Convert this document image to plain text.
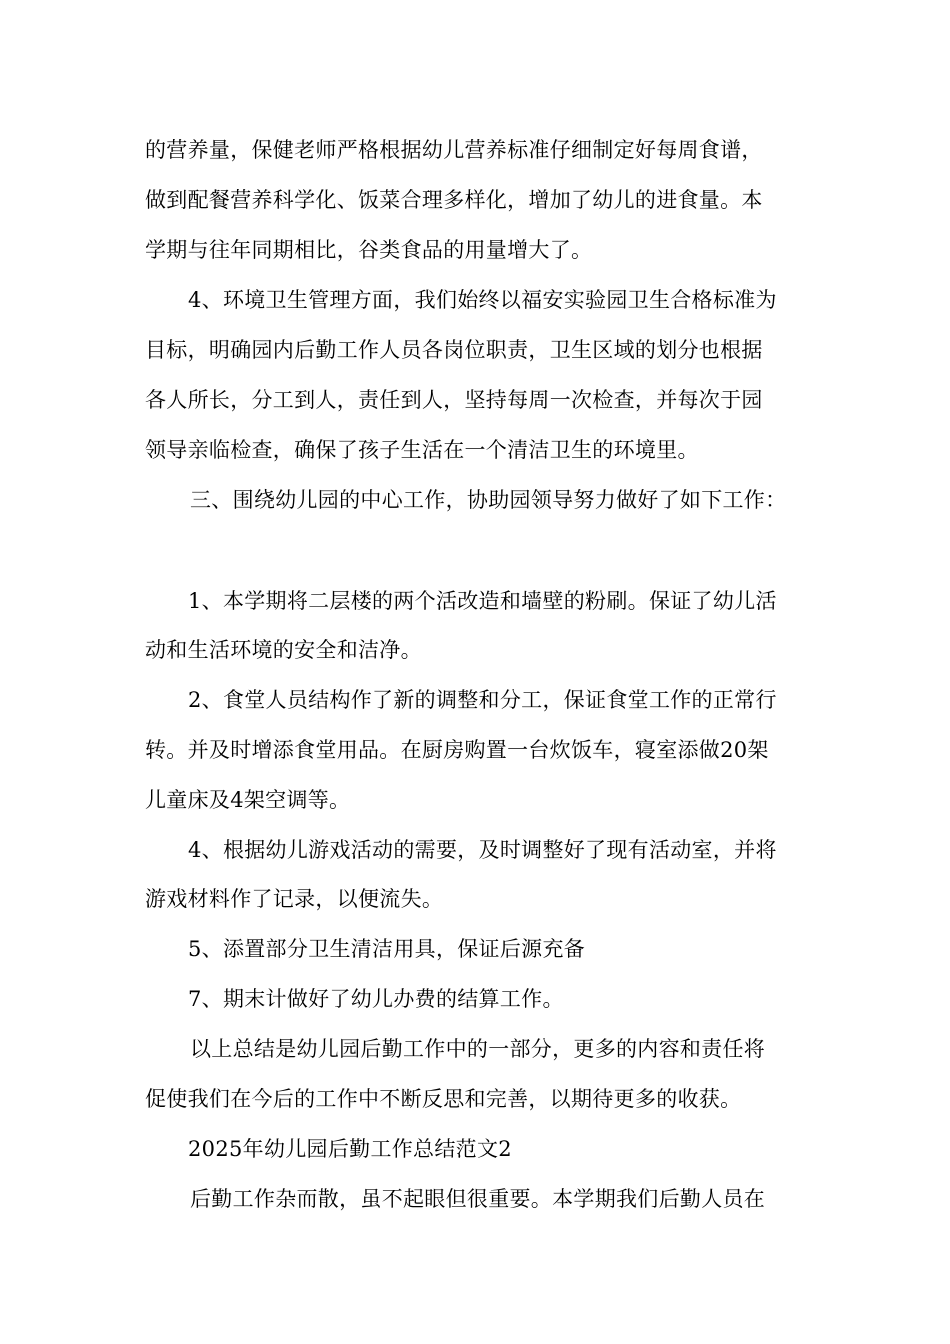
的营养量，保健老师严格根据幼儿营养标准仔细制定好每周食谱，
做到配餐营养科学化、饭菜合理多样化，增加了幼儿的进食量。本
学期与往年同期相比，谷类食品的用量增大了。
4、环境卫生管理方面，我们始终以福安实验园卫生合格标准为
目标，明确园内后勤工作人员各岗位职责，卫生区域的划分也根据
各人所长，分工到人，责任到人，坚持每周一次检查，并每次于园
领导亲临检查，确保了孩子生活在一个清洁卫生的环境里。
三、围绕幼儿园的中心工作，协助园领导努力做好了如下工作：
1、本学期将二层楼的两个活改造和墙壁的粉刷。保证了幼儿活
动和生活环境的安全和洁净。
2、食堂人员结构作了新的调整和分工，保证食堂工作的正常行
转。并及时增添食堂用品。在厨房购置一台炊饭车，寝室添做20架
儿童床及4架空调等。
4、根据幼儿游戏活动的需要，及时调整好了现有活动室，并将
游戏材料作了记录，以便流失。
5、添置部分卫生清洁用具，保证后源充备
7、期末计做好了幼儿办费的结算工作。
以上总结是幼儿园后勤工作中的一部分，更多的内容和责任将
促使我们在今后的工作中不断反思和完善，以期待更多的收获。
2025年幼儿园后勤工作总结范文2
后勤工作杂而散，虽不起眼但很重要。本学期我们后勤人员在
